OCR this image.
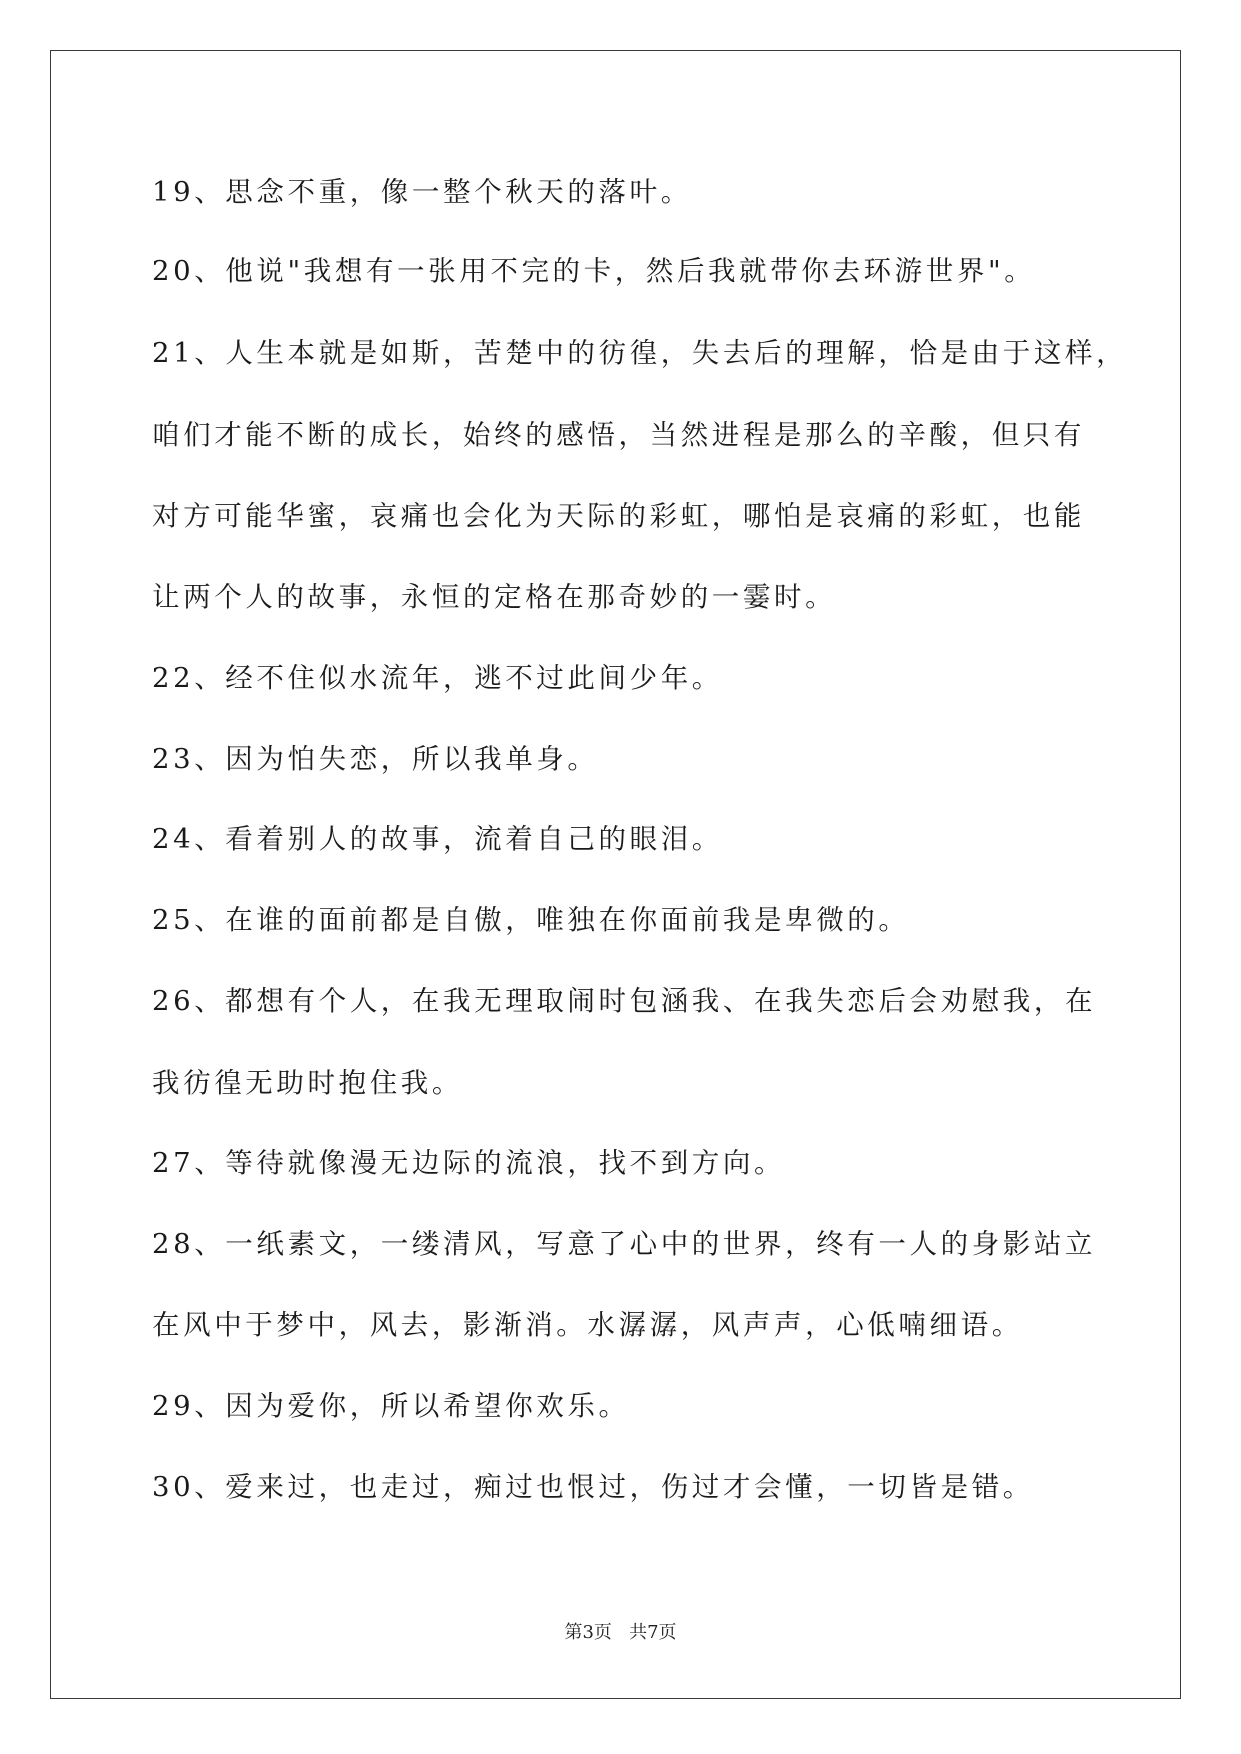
19、思念不重，像一整个秋天的落叶。
20、他说"我想有一张用不完的卡，然后我就带你去环游世界"。
21、人生本就是如斯，苦楚中的彷徨，失去后的理解，恰是由于这样，
咱们才能不断的成长，始终的感悟，当然进程是那么的辛酸，但只有
对方可能华蜜，哀痛也会化为天际的彩虹，哪怕是哀痛的彩虹，也能
让两个人的故事，永恒的定格在那奇妙的一霎时。
22、经不住似水流年，逃不过此间少年。
23、因为怕失恋，所以我单身。
24、看着别人的故事，流着自己的眼泪。
25、在谁的面前都是自傲，唯独在你面前我是卑微的。
26、都想有个人，在我无理取闹时包涵我、在我失恋后会劝慰我，在
我彷徨无助时抱住我。
27、等待就像漫无边际的流浪，找不到方向。
28、一纸素文，一缕清风，写意了心中的世界，终有一人的身影站立
在风中于梦中，风去，影渐消。水潺潺，风声声，心低喃细语。
29、因为爱你，所以希望你欢乐。
30、爱来过，也走过，痴过也恨过，伤过才会懂，一切皆是错。
第3页 共7页
